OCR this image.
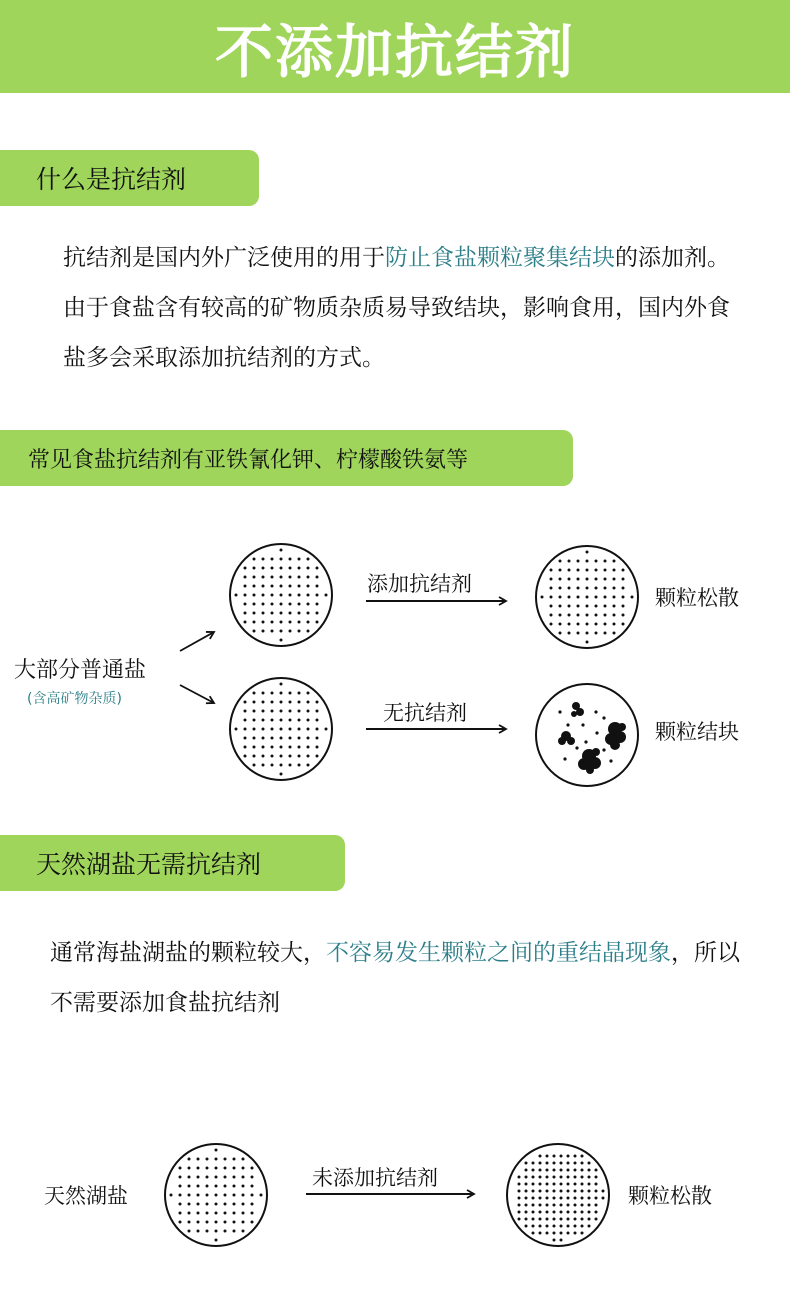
不添加抗结剂
什么是抗结剂
抗结剂是国内外广泛使用的用于防止食盐颗粒聚集结块的添加剂。由于食盐含有较高的矿物质杂质易导致结块，影响食用，国内外食盐多会采取添加抗结剂的方式。
常见食盐抗结剂有亚铁氰化钾、柠檬酸铁氨等
大部分普通盐
(含高矿物杂质)
添加抗结剂
颗粒松散
无抗结剂
颗粒结块
天然湖盐无需抗结剂
通常海盐湖盐的颗粒较大，不容易发生颗粒之间的重结晶现象，所以不需要添加食盐抗结剂
天然湖盐
未添加抗结剂
颗粒松散
